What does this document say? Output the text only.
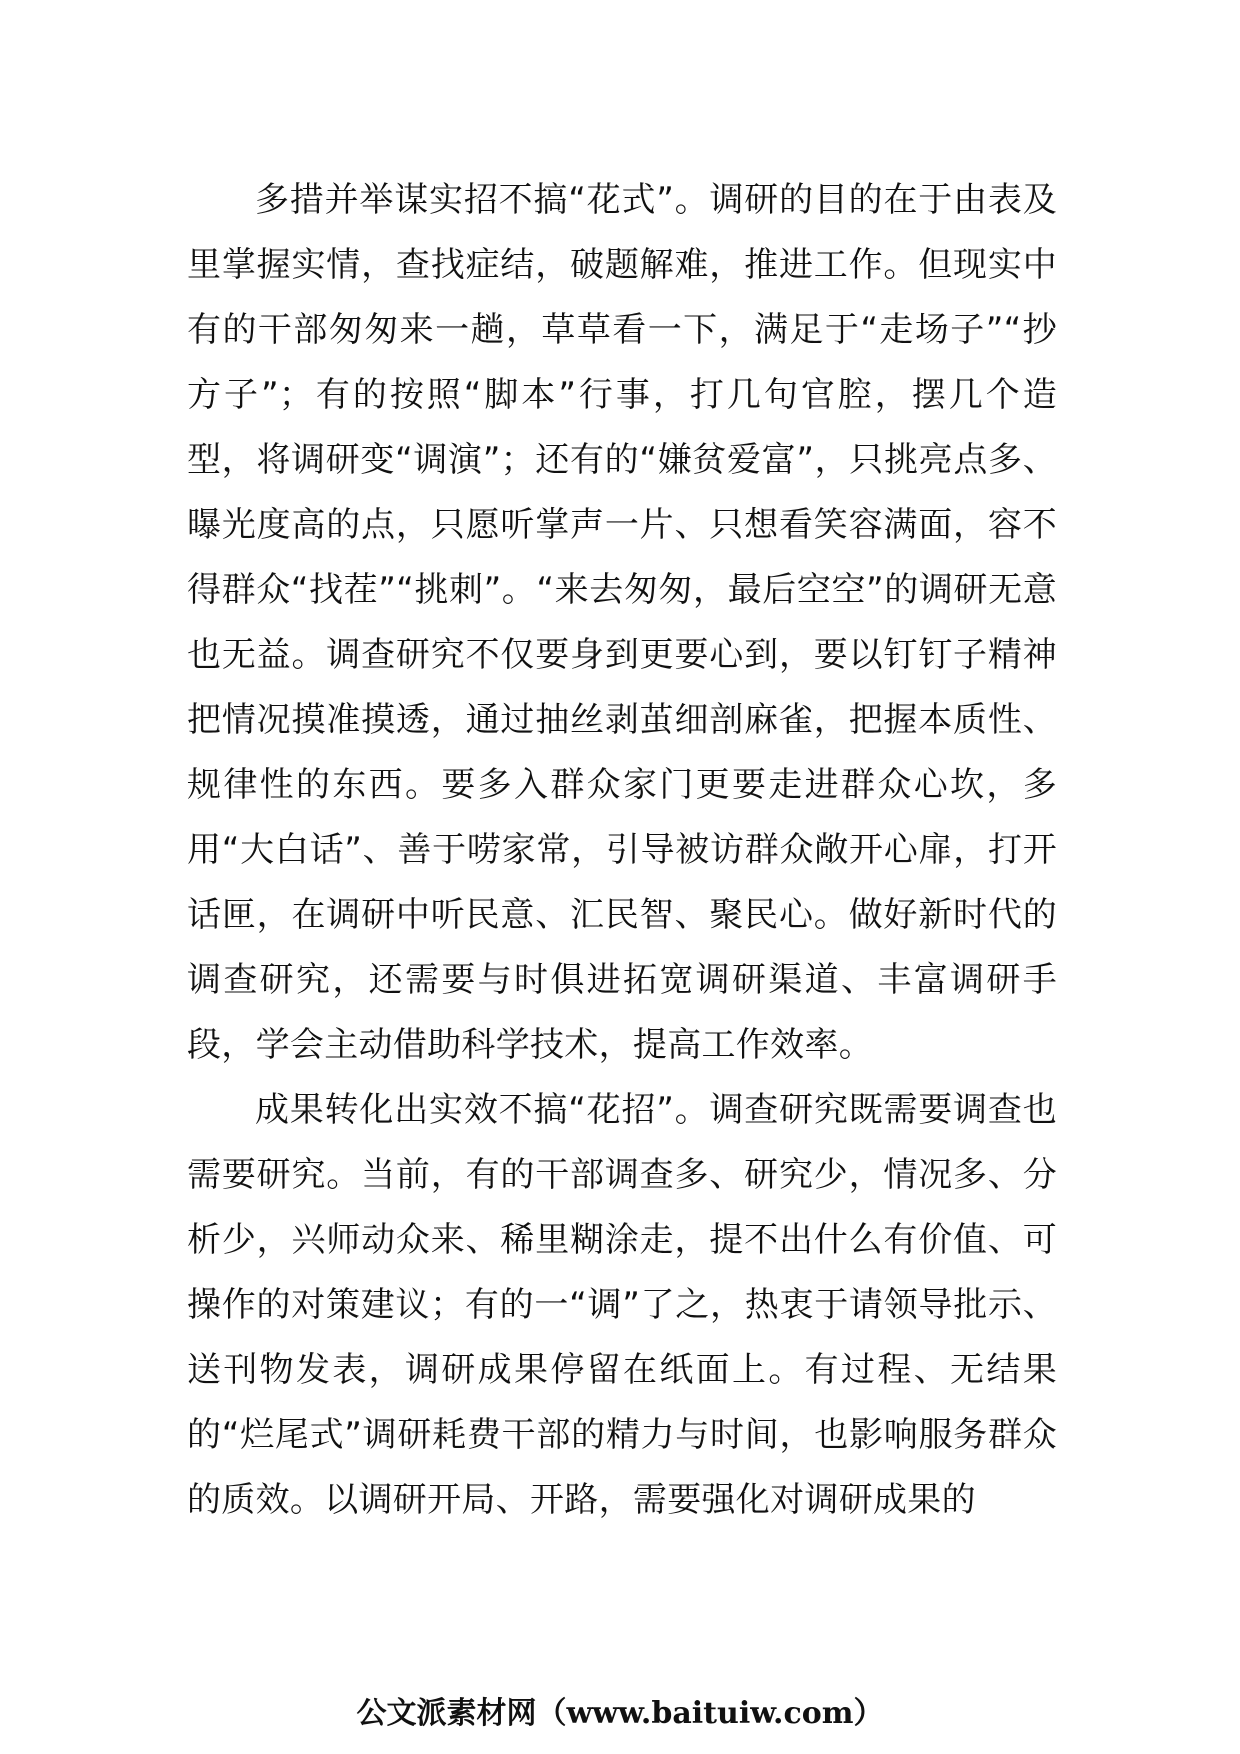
多措并举谋实招不搞“花式”。调研的目的在于由表及里掌握实情，查找症结，破题解难，推进工作。但现实中有的干部匆匆来一趟，草草看一下，满足于“走场子”“抄方子”；有的按照“脚本”行事，打几句官腔，摆几个造型，将调研变“调演”；还有的“嫌贫爱富”，只挑亮点多、曝光度高的点，只愿听掌声一片、只想看笑容满面，容不得群众“找茬”“挑刺”。“来去匆匆，最后空空”的调研无意也无益。调查研究不仅要身到更要心到，要以钉钉子精神把情况摸准摸透，通过抽丝剥茧细剖麻雀，把握本质性、规律性的东西。要多入群众家门更要走进群众心坎，多用“大白话”、善于唠家常，引导被访群众敞开心扉，打开话匣，在调研中听民意、汇民智、聚民心。做好新时代的调查研究，还需要与时俱进拓宽调研渠道、丰富调研手段，学会主动借助科学技术，提高工作效率。

成果转化出实效不搞“花招”。调查研究既需要调查也需要研究。当前，有的干部调查多、研究少，情况多、分析少，兴师动众来、稀里糊涂走，提不出什么有价值、可操作的对策建议；有的一“调”了之，热衷于请领导批示、送刊物发表，调研成果停留在纸面上。有过程、无结果的“烂尾式”调研耗费干部的精力与时间，也影响服务群众的质效。以调研开局、开路，需要强化对调研成果的

公文派素材网（www.baituiw.com）
